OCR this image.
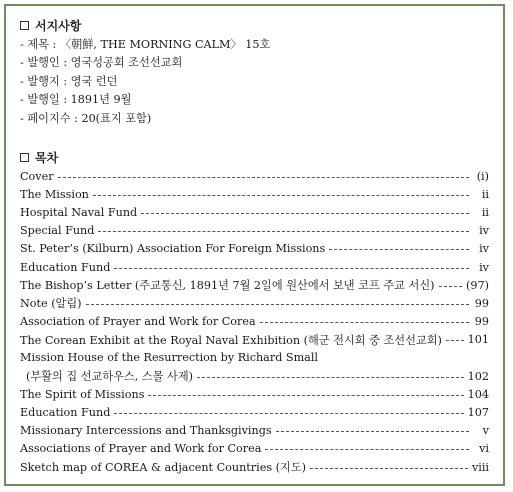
서지사항
- 제목 : 〈朝鮮, THE MORNING CALM〉 15호
- 발행인 : 영국성공회 조선선교회
- 발행지 : 영국 런던
- 발행일 : 1891년 9월
- 페이지수 : 20(표지 포함)
목차
Cover	(i)
The Mission	ii
Hospital Naval Fund	ii
Special Fund	iv
St. Peter’s (Kilburn) Association For Foreign Missions	iv
Education Fund	iv
The Bishop’s Letter (주교통신, 1891년 7월 2일에 원산에서 보낸 코프 주교 서신)	(97)
Note (알림)	99
Association of Prayer and Work for Corea	99
The Corean Exhibit at the Royal Naval Exhibition (해군 전시회 중 조선선교회) 101
Mission House of the Resurrection by Richard Small
(부활의 집 선교하우스, 스몰 사제)	102
The Spirit of Missions	104
Education Fund	107
Missionary Intercessions and Thanksgivings	v
Associations of Prayer and Work for Corea	vi
Sketch map of COREA & adjacent Countries (지도)	viii
